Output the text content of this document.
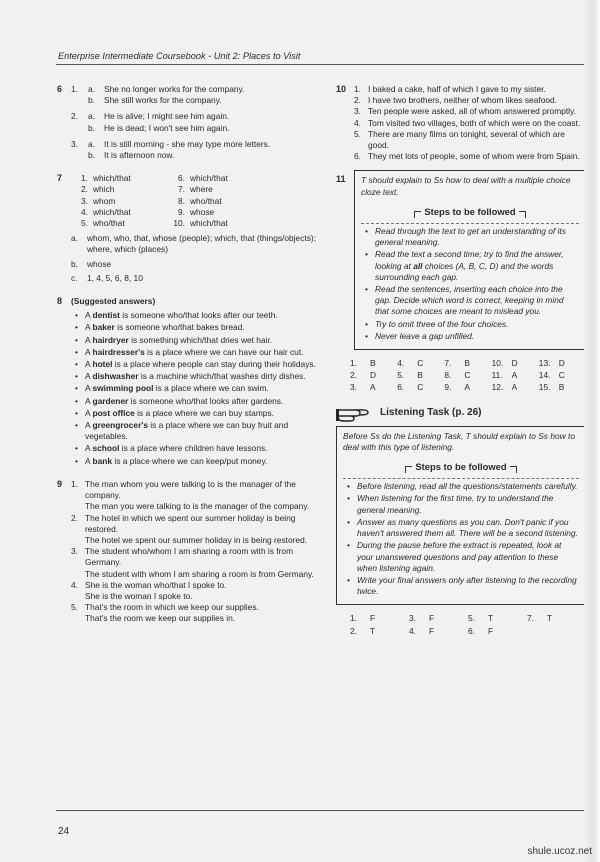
Enterprise Intermediate Coursebook - Unit 2: Places to Visit
6 1.	a.	She no longer works for the company.
b.	She still works for the company.
2.	a.	He is alive; I might see him again.
b.	He is dead; I won't see him again.
3.	a.	It is still morning - she may type more letters.
b.	It is afternoon now.
7	1. which/that	6. which/that
2. which	7. where
3. whom	8. who/that
4. which/that	9. whose
5. who/that	10. which/that
a.	whom, who, that, whose (people); which, that (things/objects); where, which (places)
b.	whose
c.	1, 4, 5, 6, 8, 10
8 (Suggested answers)
• A dentist is someone who/that looks after our teeth.
• A baker is someone who/that bakes bread.
• A hairdryer is something which/that dries wet hair.
• A hairdresser's is a place where we can have our hair cut.
• A hotel is a place where people can stay during their holidays.
• A dishwasher is a machine which/that washes dirty dishes.
• A swimming pool is a place where we can swim.
• A gardener is someone who/that looks after gardens.
• A post office is a place where we can buy stamps.
• A greengrocer's is a place where we can buy fruit and vegetables.
• A school is a place where children have lessons.
• A bank is a place where we can keep/put money.
9 1. The man whom you were talking to is the manager of the company.
The man you were talking to is the manager of the company.
2. The hotel in which we spent our summer holiday is being restored.
The hotel we spent our summer holiday in is being restored.
3. The student who/whom I am sharing a room with is from Germany.
The student with whom I am sharing a room is from Germany.
4. She is the woman who/that I spoke to.
She is the woman I spoke to.
5. That's the room in which we keep our supplies.
That's the room we keep our supplies in.
10 1. I baked a cake, half of which I gave to my sister.
2. I have two brothers, neither of whom likes seafood.
3. Ten people were asked, all of whom answered promptly.
4. Tom visited two villages, both of which were on the coast.
5. There are many films on tonight, several of which are good.
6. They met lots of people, some of whom were from Spain.
11 T should explain to Ss how to deal with a multiple choice cloze text.
Steps to be followed
• Read through the text to get an understanding of its general meaning.
• Read the text a second time; try to find the answer, looking at all choices (A, B, C, D) and the words surrounding each gap.
• Read the sentences, inserting each choice into the gap. Decide which word is correct, keeping in mind that some choices are meant to mislead you.
• Try to omit three of the four choices.
• Never leave a gap unfilled.
1.	B	4.	C	7.	B	10. D	13. D
2.	D	5.	B	8.	C	11.	A	14. C
3.	A	6.	C	9.	A	12. A	15. B
Listening Task (p. 26)
Before Ss do the Listening Task, T should explain to Ss how to deal with this type of listening.
Steps to be followed
• Before listening, read all the questions/statements carefully.
• When listening for the first time, try to understand the general meaning.
• Answer as many questions as you can. Don't panic if you haven't answered them all. There will be a second listening.
• During the pause before the extract is repeated, look at your unanswered questions and pay attention to these when listening again.
• Write your final answers only after listening to the recording twice.
1.	F	3.	F	5.	T	7.	T
2.	T	4.	F	6.	F
24
shule.ucoz.net
